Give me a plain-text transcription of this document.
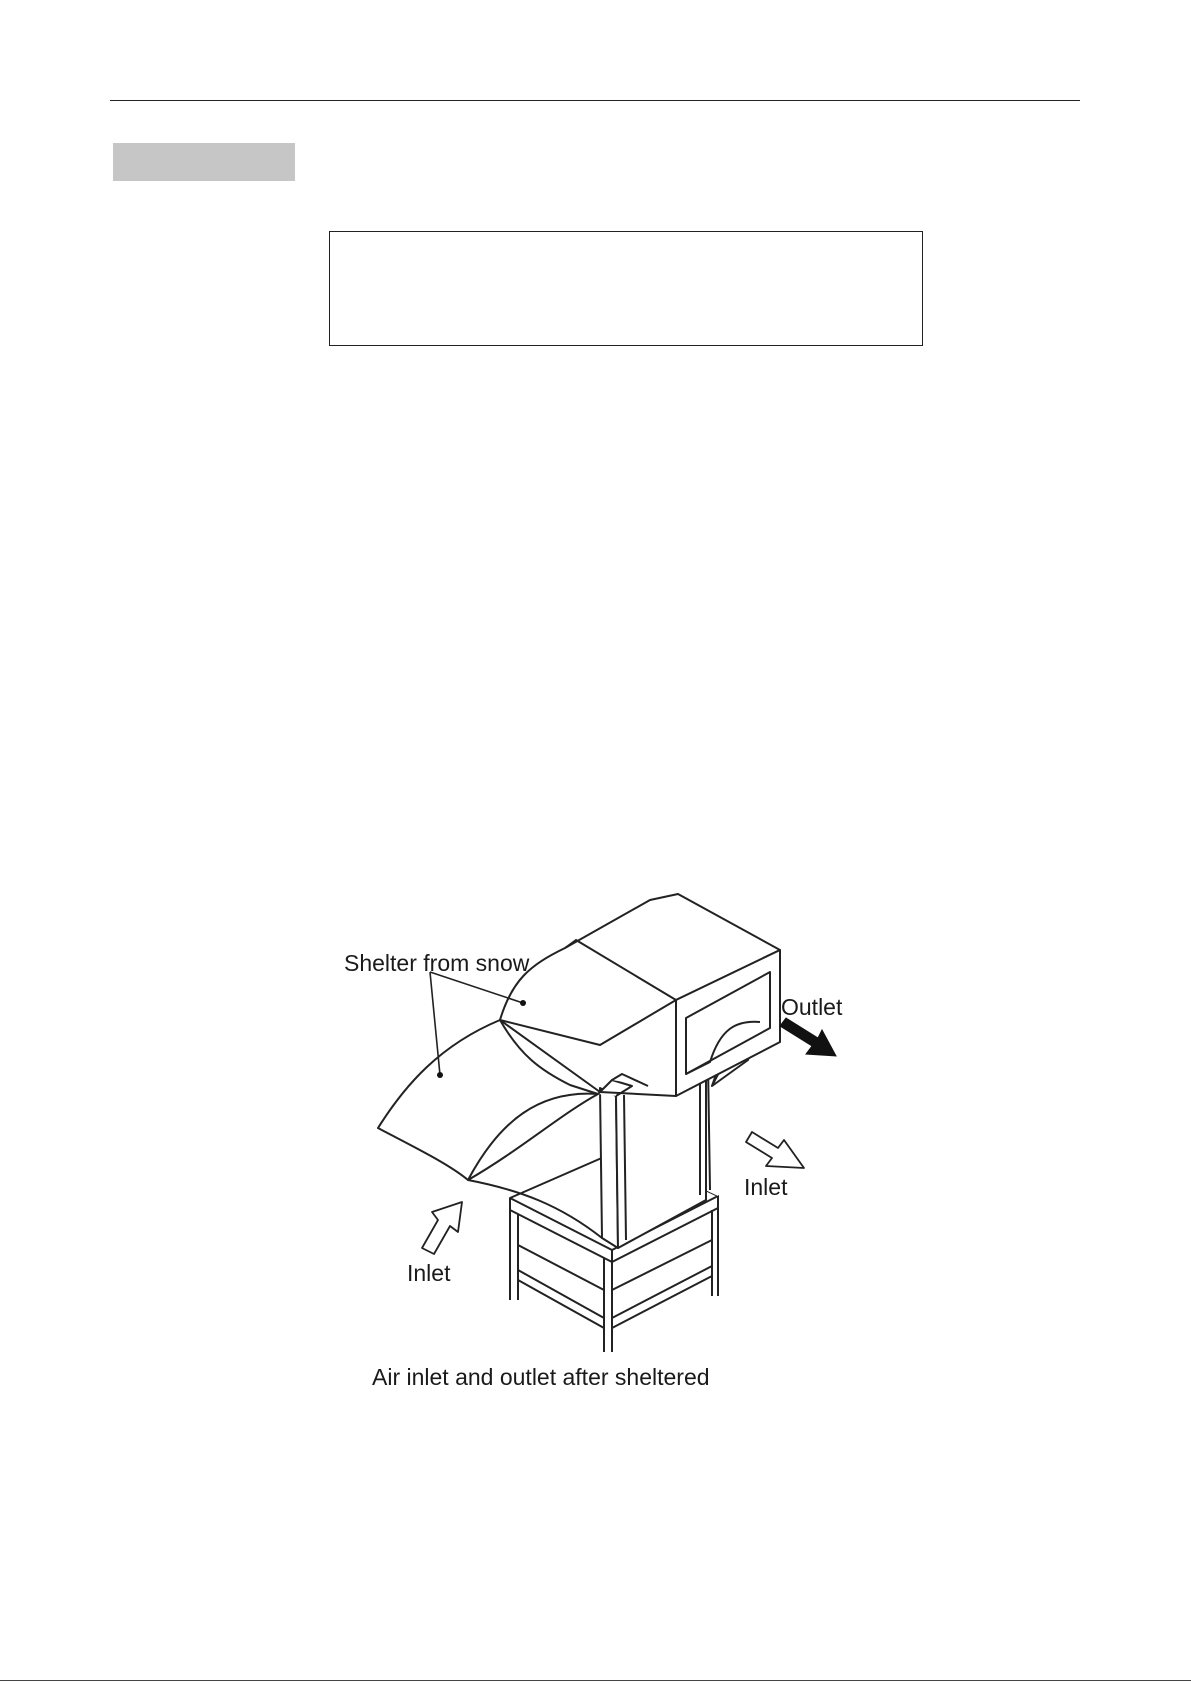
Shelter from snow
Outlet
Inlet
Inlet
Air inlet and outlet after sheltered
